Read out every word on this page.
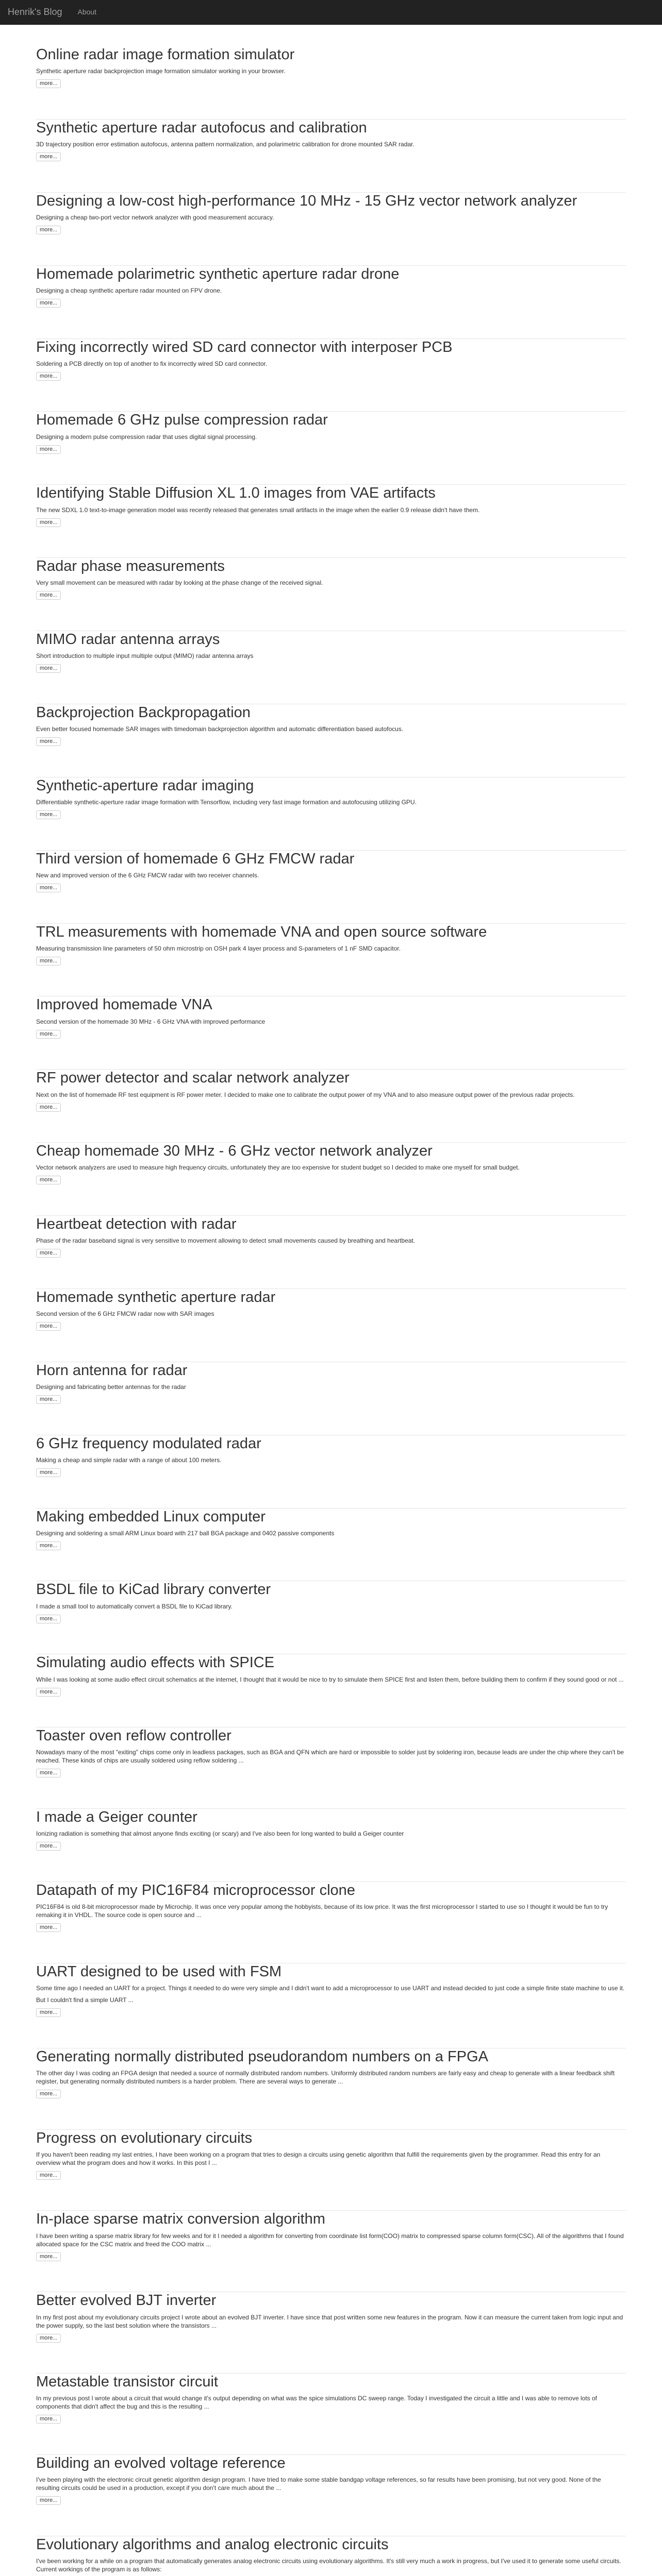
Henrik's Blog About
Online radar image formation simulator

Synthetic aperture radar backprojection image formation simulator working in your browser.

more...
Synthetic aperture radar autofocus and calibration

3D trajectory position error estimation autofocus, antenna pattern normalization, and polarimetric calibration for drone mounted SAR radar.

more...
Designing a low-cost high-performance 10 MHz - 15 GHz vector network analyzer

Designing a cheap two-port vector network analyzer with good measurement accuracy.

more...
Homemade polarimetric synthetic aperture radar drone

Designing a cheap synthetic aperture radar mounted on FPV drone.

more...
Fixing incorrectly wired SD card connector with interposer PCB

Soldering a PCB directly on top of another to fix incorrectly wired SD card connector.

more...
Homemade 6 GHz pulse compression radar

Designing a modern pulse compression radar that uses digital signal processing.

more...
Identifying Stable Diffusion XL 1.0 images from VAE artifacts

The new SDXL 1.0 text-to-image generation model was recently released that generates small artifacts in the image when the earlier 0.9 release didn't have them.

more...
Radar phase measurements

Very small movement can be measured with radar by looking at the phase change of the received signal.

more...
MIMO radar antenna arrays

Short introduction to multiple input multiple output (MIMO) radar antenna arrays

more...
Backprojection Backpropagation

Even better focused homemade SAR images with timedomain backprojection algorithm and automatic differentiation based autofocus.

more...
Synthetic-aperture radar imaging

Differentiable synthetic-aperture radar image formation with Tensorflow, including very fast image formation and autofocusing utilizing GPU.

more...
Third version of homemade 6 GHz FMCW radar

New and improved version of the 6 GHz FMCW radar with two receiver channels.

more...
TRL measurements with homemade VNA and open source software

Measuring transmission line parameters of 50 ohm microstrip on OSH park 4 layer process and S-parameters of 1 nF SMD capacitor.

more...
Improved homemade VNA

Second version of the homemade 30 MHz - 6 GHz VNA with improved performance

more...
RF power detector and scalar network analyzer

Next on the list of homemade RF test equipment is RF power meter. I decided to make one to calibrate the output power of my VNA and to also measure output power of the previous radar projects.

more...
Cheap homemade 30 MHz - 6 GHz vector network analyzer

Vector network analyzers are used to measure high frequency circuits, unfortunately they are too expensive for student budget so I decided to make one myself for small budget.

more...
Heartbeat detection with radar

Phase of the radar baseband signal is very sensitive to movement allowing to detect small movements caused by breathing and heartbeat.

more...
Homemade synthetic aperture radar

Second version of the 6 GHz FMCW radar now with SAR images

more...
Horn antenna for radar

Designing and fabricating better antennas for the radar

more...
6 GHz frequency modulated radar

Making a cheap and simple radar with a range of about 100 meters.

more...
Making embedded Linux computer

Designing and soldering a small ARM Linux board with 217 ball BGA package and 0402 passive components

more...
BSDL file to KiCad library converter

I made a small tool to automatically convert a BSDL file to KiCad library.

more...
Simulating audio effects with SPICE

While I was looking at some audio effect circuit schematics at the internet, I thought that it would be nice to try to simulate them SPICE first and listen them, before building them to confirm if they sound good or not ...

more...
Toaster oven reflow controller

Nowadays many of the most "exiting" chips come only in leadless packages, such as BGA and QFN which are hard or impossible to solder just by soldering iron, because leads are under the chip where they can't be reached. These kinds of chips are usually soldered using reflow soldering ...

more...
I made a Geiger counter

Ionizing radiation is something that almost anyone finds exciting (or scary) and I've also been for long wanted to build a Geiger counter

more...
Datapath of my PIC16F84 microprocessor clone

PIC16F84 is old 8-bit microprocessor made by Microchip. It was once very popular among the hobbyists, because of its low price. It was the first microprocessor I started to use so I thought it would be fun to try remaking it in VHDL. The source code is open source and ...

more...
UART designed to be used with FSM

Some time ago I needed an UART for a project. Things it needed to do were very simple and I didn't want to add a microprocessor to use UART and instead decided to just code a simple finite state machine to use it.

But I couldn't find a simple UART ...

more...
Generating normally distributed pseudorandom numbers on a FPGA

The other day I was coding an FPGA design that needed a source of normally distributed random numbers. Uniformly distributed random numbers are fairly easy and cheap to generate with a linear feedback shift register, but generating normally distributed numbers is a harder problem. There are several ways to generate ...

more...
Progress on evolutionary circuits

If you haven't been reading my last entries, I have been working on a program that tries to design a circuits using genetic algorithm that fulfill the requirements given by the programmer. Read this entry for an overview what the program does and how it works. In this post I ...

more...
In-place sparse matrix conversion algorithm

I have been writing a sparse matrix library for few weeks and for it I needed a algorithm for converting from coordinate list form(COO) matrix to compressed sparse column form(CSC). All of the algorithms that I found allocated space for the CSC matrix and freed the COO matrix ...

more...
Better evolved BJT inverter

In my first post about my evolutionary circuits project I wrote about an evolved BJT inverter. I have since that post written some new features in the program. Now it can measure the current taken from logic input and the power supply, so the last best solution where the transistors ...

more...
Metastable transistor circuit

In my previous post I wrote about a circuit that would change it's output depending on what was the spice simulations DC sweep range. Today I investigated the circuit a little and I was able to remove lots of components that didn't affect the bug and this is the resulting ...

more...
Building an evolved voltage reference

I've been playing with the electronic circuit genetic algorithm design program. I have tried to make some stable bandgap voltage references, so far results have been promising, but not very good. None of the resulting circuits could be used in a production, except if you don't care much about the ...

more...
Evolutionary algorithms and analog electronic circuits

I've been working for a while on a program that automatically generates analog electronic circuits using evolutionary algorithms. It's still very much a work in progress, but I've used it to generate some useful circuits. Current workings of the program is as follows:

1.
